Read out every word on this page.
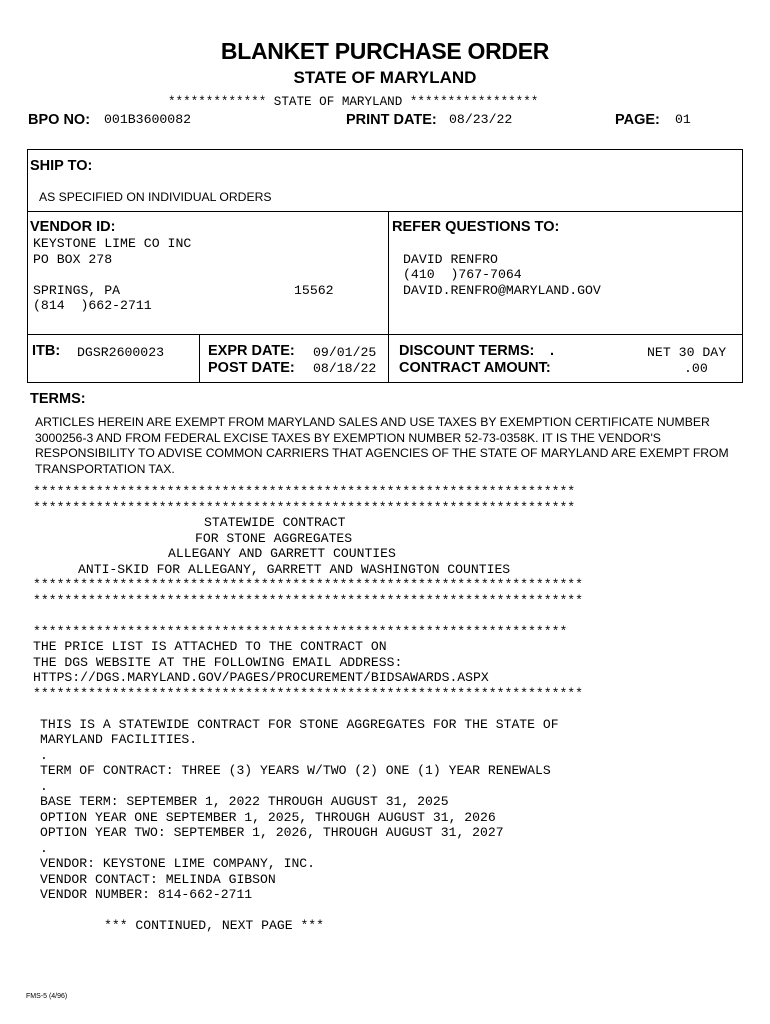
BLANKET PURCHASE ORDER
STATE OF MARYLAND
************* STATE OF MARYLAND *****************
BPO NO: 001B3600082	PRINT DATE: 08/23/22	PAGE: 01
SHIP TO:
AS SPECIFIED ON INDIVIDUAL ORDERS
VENDOR ID:
KEYSTONE LIME CO INC
PO BOX 278
SPRINGS, PA	15562
(814  )662-2711
REFER QUESTIONS TO:
DAVID RENFRO
(410  )767-7064
DAVID.RENFRO@MARYLAND.GOV
ITB: DGSR2600023	EXPR DATE: 09/01/25
POST DATE: 08/18/22
DISCOUNT TERMS: .	NET 30 DAY
CONTRACT AMOUNT:	.00
TERMS:
ARTICLES HEREIN ARE EXEMPT FROM MARYLAND SALES AND USE TAXES BY EXEMPTION CERTIFICATE NUMBER 3000256-3 AND FROM FEDERAL EXCISE TAXES BY EXEMPTION NUMBER 52-73-0358K. IT IS THE VENDOR'S RESPONSIBILITY TO ADVISE COMMON CARRIERS THAT AGENCIES OF THE STATE OF MARYLAND ARE EXEMPT FROM TRANSPORTATION TAX.
*********************************************************************
*********************************************************************
STATEWIDE CONTRACT
FOR STONE AGGREGATES
ALLEGANY AND GARRETT COUNTIES
ANTI-SKID FOR ALLEGANY, GARRETT AND WASHINGTON COUNTIES
**********************************************************************
**********************************************************************
********************************************************************
THE PRICE LIST IS ATTACHED TO THE CONTRACT ON
THE DGS WEBSITE AT THE FOLLOWING EMAIL ADDRESS:
HTTPS://DGS.MARYLAND.GOV/PAGES/PROCUREMENT/BIDSAWARDS.ASPX
**********************************************************************
THIS IS A STATEWIDE CONTRACT FOR STONE AGGREGATES FOR THE STATE OF
MARYLAND FACILITIES.
.
TERM OF CONTRACT: THREE (3) YEARS W/TWO (2) ONE (1) YEAR RENEWALS
.
BASE TERM: SEPTEMBER 1, 2022 THROUGH AUGUST 31, 2025
OPTION YEAR ONE SEPTEMBER 1, 2025, THROUGH AUGUST 31, 2026
OPTION YEAR TWO: SEPTEMBER 1, 2026, THROUGH AUGUST 31, 2027
.
VENDOR: KEYSTONE LIME COMPANY, INC.
VENDOR CONTACT: MELINDA GIBSON
VENDOR NUMBER: 814-662-2711
*** CONTINUED, NEXT PAGE ***
FMS-5 (4/96)
